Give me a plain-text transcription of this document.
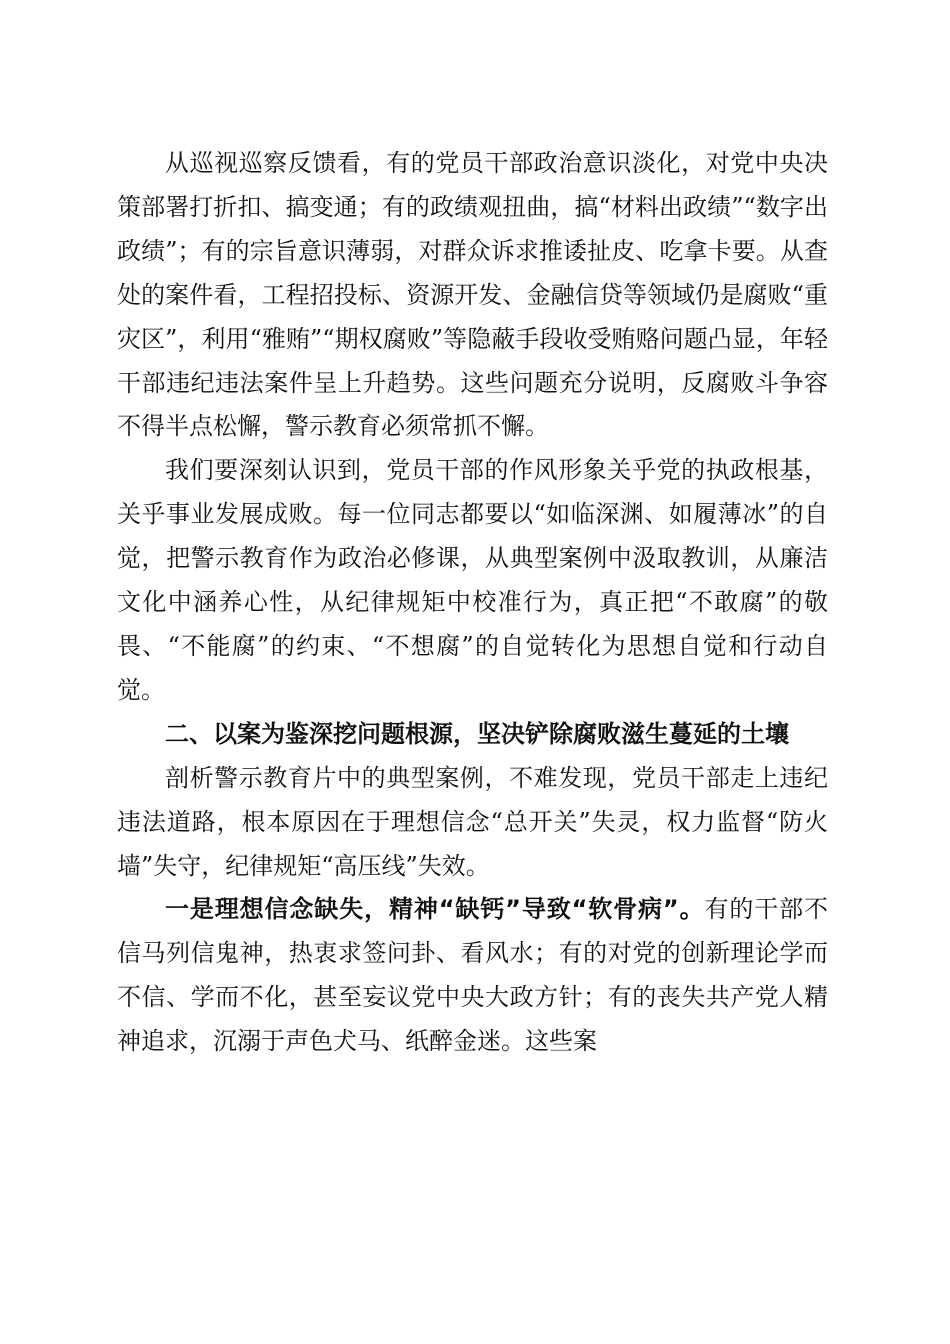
从巡视巡察反馈看，有的党员干部政治意识淡化，对党中央决策部署打折扣、搞变通；有的政绩观扭曲，搞“材料出政绩”“数字出政绩”；有的宗旨意识薄弱，对群众诉求推诿扯皮、吃拿卡要。从查处的案件看，工程招投标、资源开发、金融信贷等领域仍是腐败“重灾区”，利用“雅贿”“期权腐败”等隐蔽手段收受贿赂问题凸显，年轻干部违纪违法案件呈上升趋势。这些问题充分说明，反腐败斗争容不得半点松懈，警示教育必须常抓不懈。

我们要深刻认识到，党员干部的作风形象关乎党的执政根基，关乎事业发展成败。每一位同志都要以“如临深渊、如履薄冰”的自觉，把警示教育作为政治必修课，从典型案例中汲取教训，从廉洁文化中涵养心性，从纪律规矩中校准行为，真正把“不敢腐”的敬畏、“不能腐”的约束、“不想腐”的自觉转化为思想自觉和行动自觉。

二、以案为鉴深挖问题根源，坚决铲除腐败滋生蔓延的土壤

剖析警示教育片中的典型案例，不难发现，党员干部走上违纪违法道路，根本原因在于理想信念“总开关”失灵，权力监督“防火墙”失守，纪律规矩“高压线”失效。

一是理想信念缺失，精神“缺钙”导致“软骨病”。有的干部不信马列信鬼神，热衷求签问卦、看风水；有的对党的创新理论学而不信、学而不化，甚至妄议党中央大政方针；有的丧失共产党人精神追求，沉溺于声色犬马、纸醉金迷。这些案
